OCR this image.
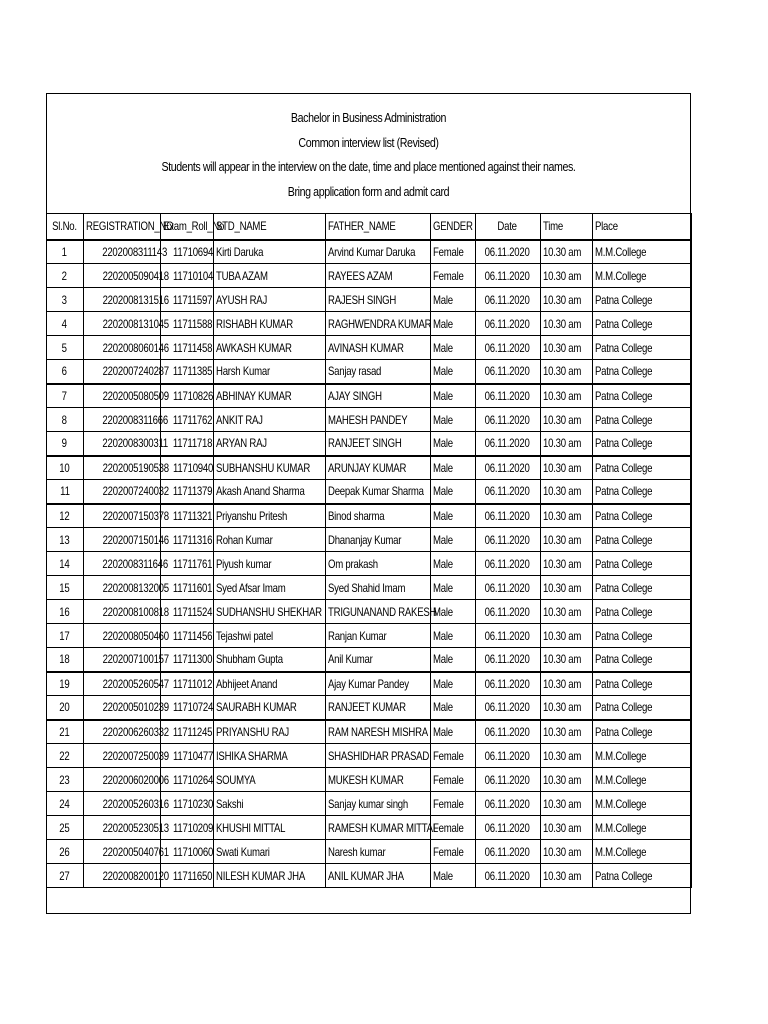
Bachelor in Business Administration
Common interview list (Revised)
Students will appear in the interview on the date, time and place mentioned against their names.
Bring application form and admit card
Sl.No.	REGISTRATION_NO	Exam_Roll_No	STD_NAME	FATHER_NAME	GENDER	Date	Time	Place
1	2202008311143	11710694	Kirti Daruka	Arvind Kumar Daruka	Female	06.11.2020	10.30 am	M.M.College
2	2202005090418	11710104	TUBA AZAM	RAYEES AZAM	Female	06.11.2020	10.30 am	M.M.College
3	2202008131516	11711597	AYUSH RAJ	RAJESH SINGH	Male	06.11.2020	10.30 am	Patna College
4	2202008131045	11711588	RISHABH KUMAR	RAGHWENDRA KUMAR	Male	06.11.2020	10.30 am	Patna College
5	2202008060146	11711458	AWKASH KUMAR	AVINASH KUMAR	Male	06.11.2020	10.30 am	Patna College
6	2202007240287	11711385	Harsh Kumar	Sanjay rasad	Male	06.11.2020	10.30 am	Patna College
7	2202005080509	11710826	ABHINAY KUMAR	AJAY SINGH	Male	06.11.2020	10.30 am	Patna College
8	2202008311666	11711762	ANKIT RAJ	MAHESH PANDEY	Male	06.11.2020	10.30 am	Patna College
9	2202008300311	11711718	ARYAN RAJ	RANJEET SINGH	Male	06.11.2020	10.30 am	Patna College
10	2202005190538	11710940	SUBHANSHU KUMAR	ARUNJAY KUMAR	Male	06.11.2020	10.30 am	Patna College
11	2202007240032	11711379	Akash Anand Sharma	Deepak Kumar Sharma	Male	06.11.2020	10.30 am	Patna College
12	2202007150378	11711321	Priyanshu Pritesh	Binod sharma	Male	06.11.2020	10.30 am	Patna College
13	2202007150146	11711316	Rohan Kumar	Dhananjay Kumar	Male	06.11.2020	10.30 am	Patna College
14	2202008311646	11711761	Piyush kumar	Om prakash	Male	06.11.2020	10.30 am	Patna College
15	2202008132005	11711601	Syed Afsar Imam	Syed Shahid Imam	Male	06.11.2020	10.30 am	Patna College
16	2202008100818	11711524	SUDHANSHU SHEKHAR	TRIGUNANAND RAKESH	Male	06.11.2020	10.30 am	Patna College
17	2202008050460	11711456	Tejashwi patel	Ranjan Kumar	Male	06.11.2020	10.30 am	Patna College
18	2202007100157	11711300	Shubham Gupta	Anil Kumar	Male	06.11.2020	10.30 am	Patna College
19	2202005260547	11711012	Abhijeet Anand	Ajay Kumar Pandey	Male	06.11.2020	10.30 am	Patna College
20	2202005010239	11710724	SAURABH KUMAR	RANJEET KUMAR	Male	06.11.2020	10.30 am	Patna College
21	2202006260332	11711245	PRIYANSHU RAJ	RAM NARESH MISHRA	Male	06.11.2020	10.30 am	Patna College
22	2202007250039	11710477	ISHIKA SHARMA	SHASHIDHAR PRASAD	Female	06.11.2020	10.30 am	M.M.College
23	2202006020006	11710264	SOUMYA	MUKESH KUMAR	Female	06.11.2020	10.30 am	M.M.College
24	2202005260316	11710230	Sakshi	Sanjay kumar singh	Female	06.11.2020	10.30 am	M.M.College
25	2202005230513	11710209	KHUSHI MITTAL	RAMESH KUMAR MITTAL	Female	06.11.2020	10.30 am	M.M.College
26	2202005040761	11710060	Swati Kumari	Naresh kumar	Female	06.11.2020	10.30 am	M.M.College
27	2202008200120	11711650	NILESH KUMAR JHA	ANIL KUMAR JHA	Male	06.11.2020	10.30 am	Patna College
